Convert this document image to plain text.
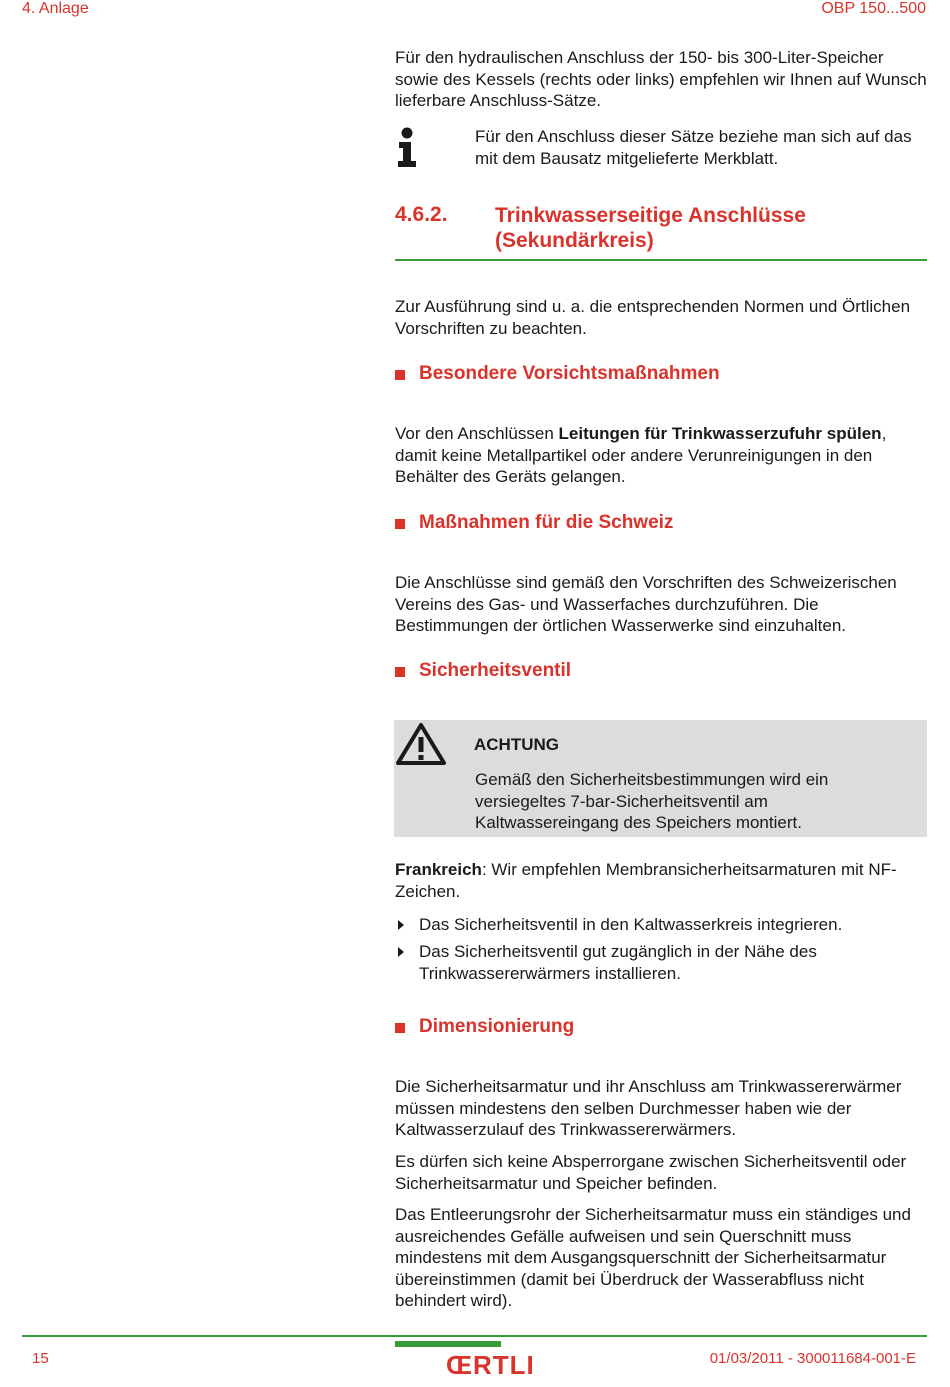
4. Anlage	OBP 150...500

Für den hydraulischen Anschluss der 150- bis 300-Liter-Speicher sowie des Kessels (rechts oder links) empfehlen wir Ihnen auf Wunsch lieferbare Anschluss-Sätze.

Für den Anschluss dieser Sätze beziehe man sich auf das mit dem Bausatz mitgelieferte Merkblatt.

4.6.2. Trinkwasserseitige Anschlüsse (Sekundärkreis)

Zur Ausführung sind u. a. die entsprechenden Normen und Örtlichen Vorschriften zu beachten.

Besondere Vorsichtsmaßnahmen

Vor den Anschlüssen Leitungen für Trinkwasserzufuhr spülen, damit keine Metallpartikel oder andere Verunreinigungen in den Behälter des Geräts gelangen.

Maßnahmen für die Schweiz

Die Anschlüsse sind gemäß den Vorschriften des Schweizerischen Vereins des Gas- und Wasserfaches durchzuführen. Die Bestimmungen der örtlichen Wasserwerke sind einzuhalten.

Sicherheitsventil
ACHTUNG

Gemäß den Sicherheitsbestimmungen wird ein versiegeltes 7-bar-Sicherheitsventil am Kaltwassereingang des Speichers montiert.

Frankreich: Wir empfehlen Membransicherheitsarmaturen mit NF-Zeichen.

Das Sicherheitsventil in den Kaltwasserkreis integrieren.
Das Sicherheitsventil gut zugänglich in der Nähe des Trinkwassererwärmers installieren.
Dimensionierung

Die Sicherheitsarmatur und ihr Anschluss am Trinkwassererwärmer müssen mindestens den selben Durchmesser haben wie der Kaltwasserzulauf des Trinkwassererwärmers.

Es dürfen sich keine Absperrorgane zwischen Sicherheitsventil oder Sicherheitsarmatur und Speicher befinden.

Das Entleerungsrohr der Sicherheitsarmatur muss ein ständiges und ausreichendes Gefälle aufweisen und sein Querschnitt muss mindestens mit dem Ausgangsquerschnitt der Sicherheitsarmatur übereinstimmen (damit bei Überdruck der Wasserabfluss nicht behindert wird).

15	ŒRTLI	01/03/2011 - 300011684-001-E
